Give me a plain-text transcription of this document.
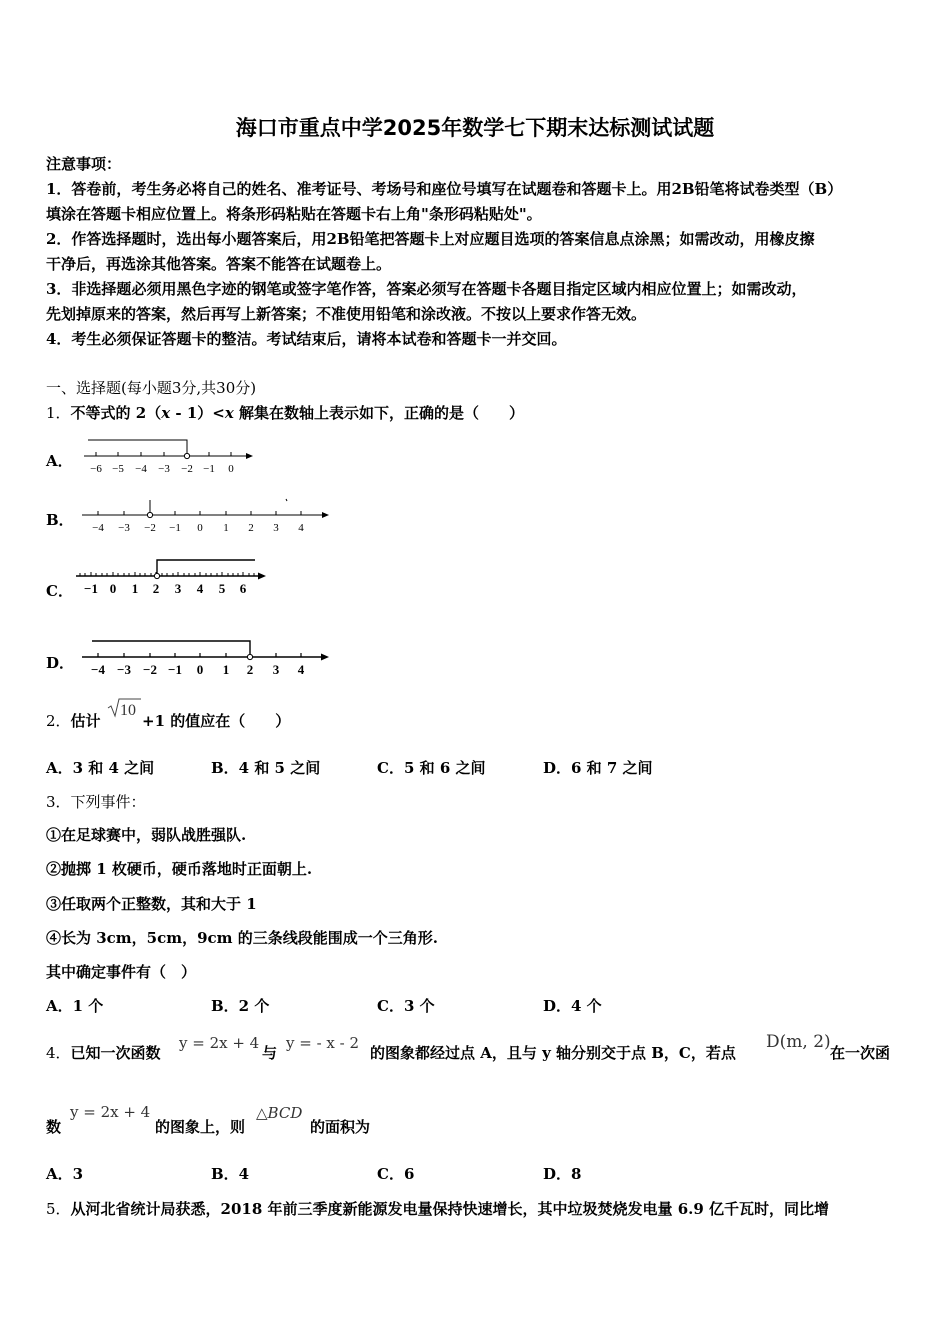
海口市重点中学2025年数学七下期末达标测试试题
注意事项：
1．答卷前，考生务必将自己的姓名、准考证号、考场号和座位号填写在试题卷和答题卡上。用2B铅笔将试卷类型（B）
填涂在答题卡相应位置上。将条形码粘贴在答题卡右上角"条形码粘贴处"。
2．作答选择题时，选出每小题答案后，用2B铅笔把答题卡上对应题目选项的答案信息点涂黑；如需改动，用橡皮擦
干净后，再选涂其他答案。答案不能答在试题卷上。
3．非选择题必须用黑色字迹的钢笔或签字笔作答，答案必须写在答题卡各题目指定区域内相应位置上；如需改动，
先划掉原来的答案，然后再写上新答案；不准使用铅笔和涂改液。不按以上要求作答无效。
4．考生必须保证答题卡的整洁。考试结束后，请将本试卷和答题卡一并交回。
一、选择题(每小题3分,共30分)
1．不等式的 2（x - 1）<x 解集在数轴上表示如下，正确的是（　　）
A． −6 −5 −4 −3 −2 −1 0
B． −4 −3 −2 −1 0 1 2 3 4
C． −1 0 1 2 3 4 5 6
D． −4 −3 −2 −1 0 1 2 3 4
2．估计
10
+1 的值应在（　　）
A．3 和 4 之间	B．4 和 5 之间	C．5 和 6 之间	D．6 和 7 之间
3．下列事件：
①在足球赛中，弱队战胜强队.
②抛掷 1 枚硬币，硬币落地时正面朝上.
③任取两个正整数，其和大于 1
④长为 3cm，5cm，9cm 的三条线段能围成一个三角形.
其中确定事件有（　）
A．1 个	B．2 个	C．3 个	D．4 个
4．已知一次函数
y = 2x + 4
与
y = - x - 2
的图象都经过点 A，且与 y 轴分别交于点 B，C，若点
D(m, 2)
在一次函
数
y = 2x + 4
的图象上，则
△BCD
的面积为
A．3	B．4	C．6	D．8
5．从河北省统计局获悉，2018 年前三季度新能源发电量保持快速增长，其中垃圾焚烧发电量 6.9 亿千瓦时，同比增
